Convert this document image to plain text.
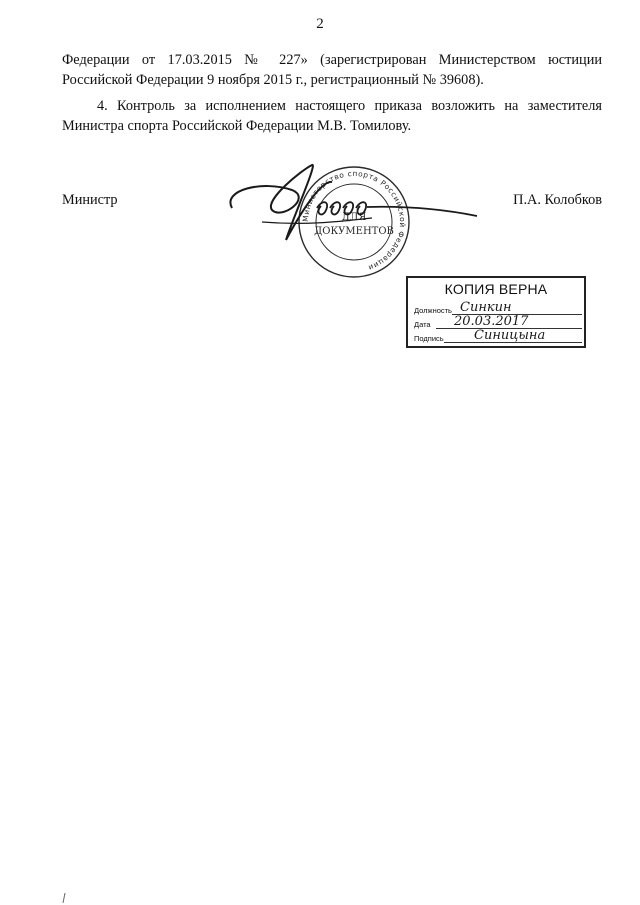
2
Федерации от 17.03.2015 № 227» (зарегистрирован Министерством юстиции
Российской Федерации 9 ноября 2015 г., регистрационный № 39608).
4. Контроль за исполнением настоящего приказа возложить на заместителя
Министра спорта Российской Федерации М.В. Томилову.
Министр	П.А. Колобков
Министерство спорта Российской Федерации
ДЛЯ
ДОКУМЕНТОВ
КОПИЯ ВЕРНА
Должность Синкин
Дата 20.03.2017
Подпись Синицына
